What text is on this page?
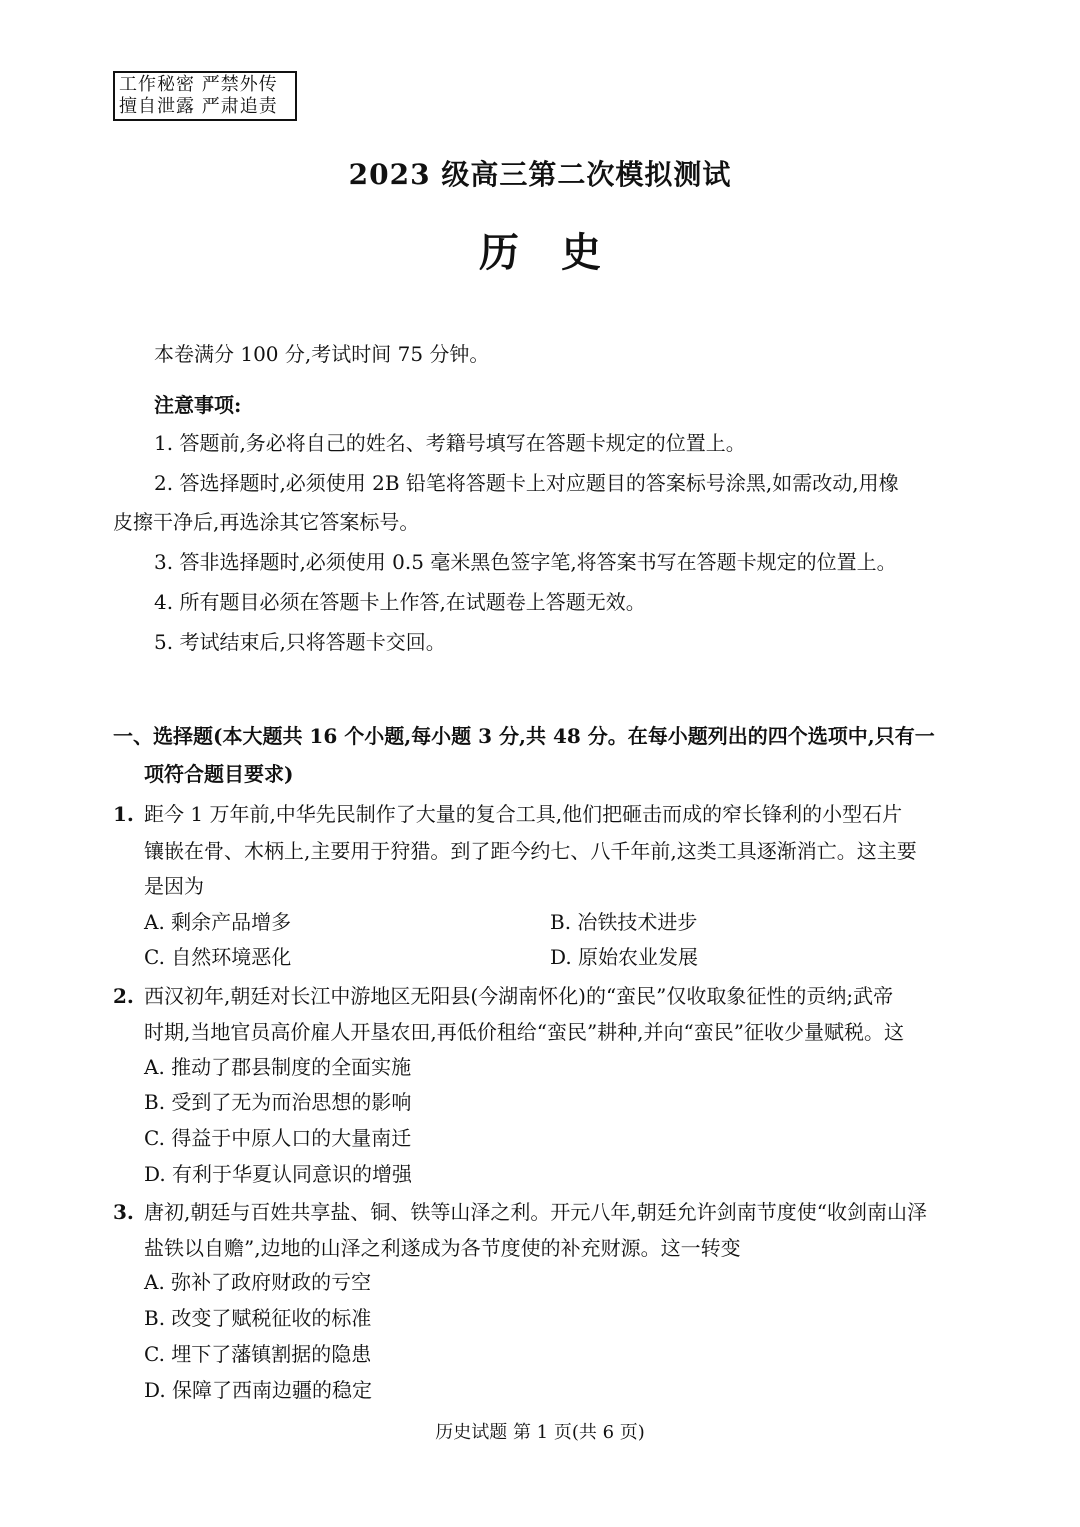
工作秘密 严禁外传
擅自泄露 严肃追责
2023 级高三第二次模拟测试
历史
本卷满分 100 分,考试时间 75 分钟。
注意事项:
1. 答题前,务必将自己的姓名、考籍号填写在答题卡规定的位置上。
2. 答选择题时,必须使用 2B 铅笔将答题卡上对应题目的答案标号涂黑,如需改动,用橡
皮擦干净后,再选涂其它答案标号。
3. 答非选择题时,必须使用 0.5 毫米黑色签字笔,将答案书写在答题卡规定的位置上。
4. 所有题目必须在答题卡上作答,在试题卷上答题无效。
5. 考试结束后,只将答题卡交回。
一、选择题(本大题共 16 个小题,每小题 3 分,共 48 分。在每小题列出的四个选项中,只有一
项符合题目要求)
1. 距今 1 万年前,中华先民制作了大量的复合工具,他们把砸击而成的窄长锋利的小型石片
镶嵌在骨、木柄上,主要用于狩猎。到了距今约七、八千年前,这类工具逐渐消亡。这主要
是因为
A. 剩余产品增多	B. 冶铁技术进步
C. 自然环境恶化	D. 原始农业发展
2. 西汉初年,朝廷对长江中游地区无阳县(今湖南怀化)的“蛮民”仅收取象征性的贡纳;武帝
时期,当地官员高价雇人开垦农田,再低价租给“蛮民”耕种,并向“蛮民”征收少量赋税。这
A. 推动了郡县制度的全面实施
B. 受到了无为而治思想的影响
C. 得益于中原人口的大量南迁
D. 有利于华夏认同意识的增强
3. 唐初,朝廷与百姓共享盐、铜、铁等山泽之利。开元八年,朝廷允许剑南节度使“收剑南山泽
盐铁以自赡”,边地的山泽之利遂成为各节度使的补充财源。这一转变
A. 弥补了政府财政的亏空
B. 改变了赋税征收的标准
C. 埋下了藩镇割据的隐患
D. 保障了西南边疆的稳定
历史试题 第 1 页(共 6 页)
